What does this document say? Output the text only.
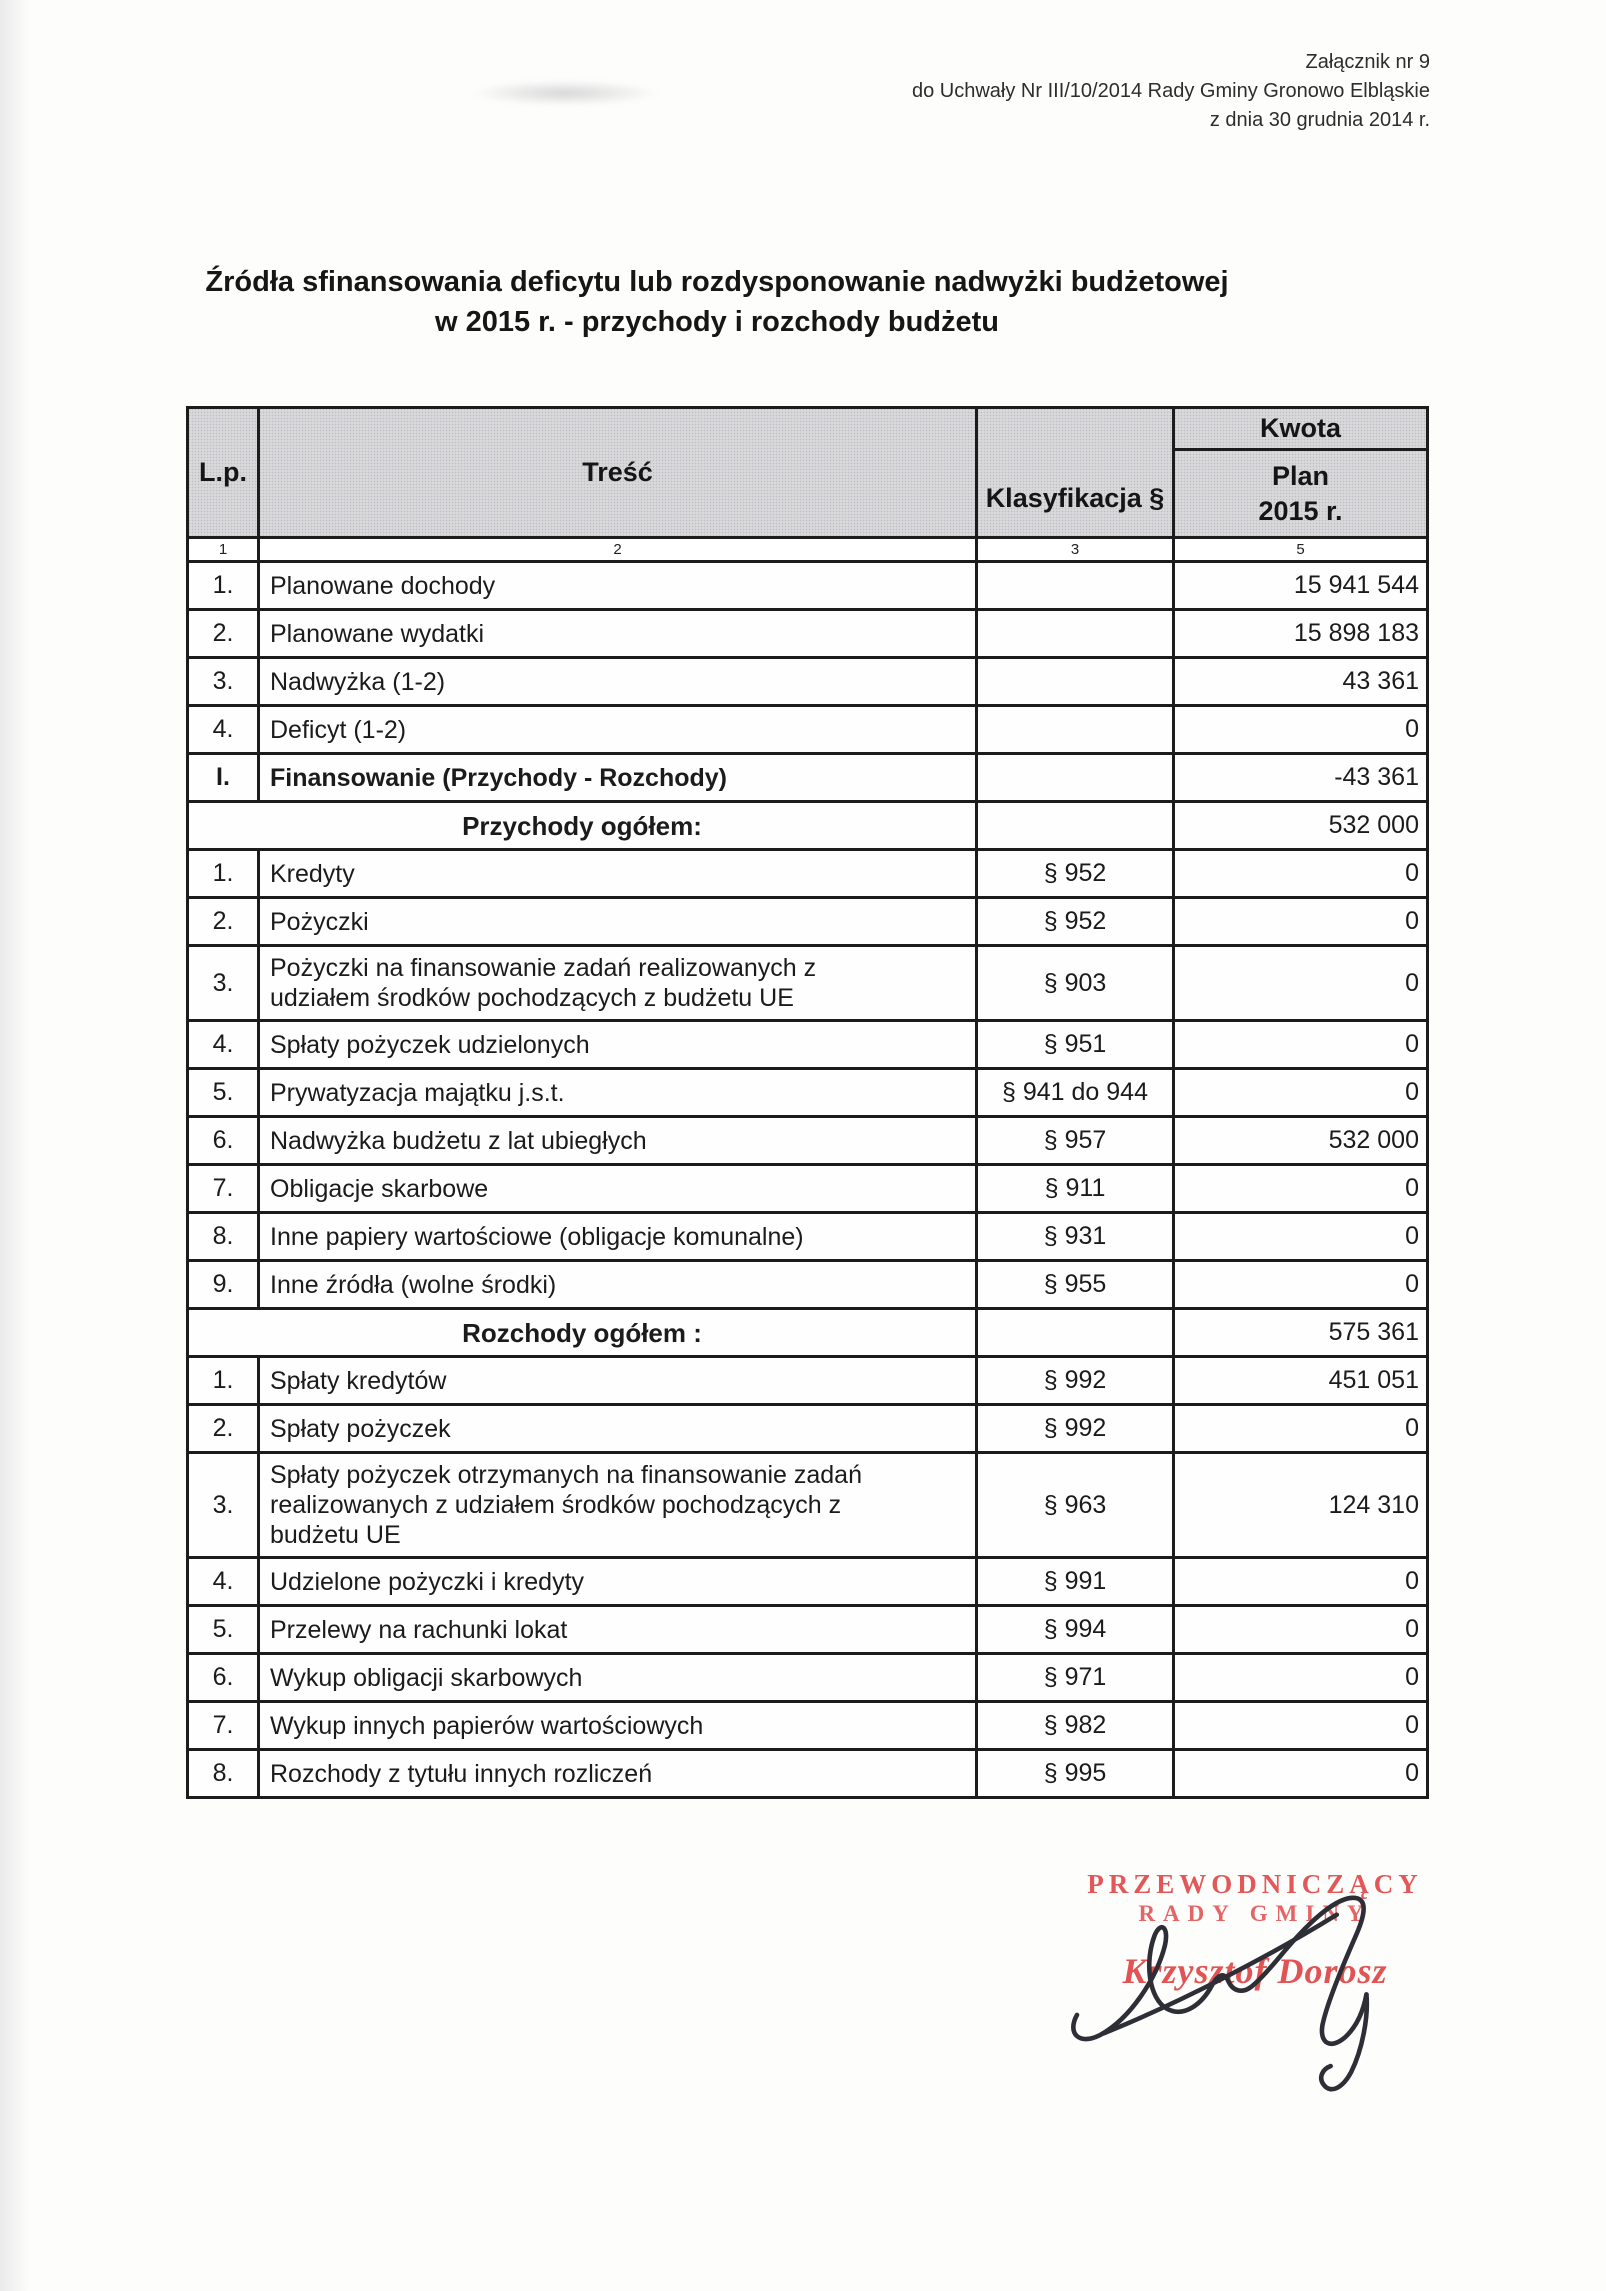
Załącznik nr 9
do Uchwały Nr III/10/2014 Rady Gminy Gronowo Elbląskie
z dnia 30 grudnia 2014 r.
Źródła sfinansowania deficytu lub rozdysponowanie nadwyżki budżetowej
w 2015 r. - przychody i rozchody budżetu
L.p.	Treść	Klasyfikacja §	Kwota
			Plan
2015 r.
1	2	3	5
1.	Planowane dochody		15 941 544
2.	Planowane wydatki		15 898 183
3.	Nadwyżka (1-2)		43 361
4.	Deficyt (1-2)		0
I.	Finansowanie (Przychody - Rozchody)		-43 361
Przychody ogółem:			532 000
1.	Kredyty	§ 952	0
2.	Pożyczki	§ 952	0
3.	Pożyczki na finansowanie zadań realizowanych z udziałem środków pochodzących z budżetu UE	§ 903	0
4.	Spłaty pożyczek udzielonych	§ 951	0
5.	Prywatyzacja majątku j.s.t.	§ 941 do 944	0
6.	Nadwyżka budżetu z lat ubiegłych	§ 957	532 000
7.	Obligacje skarbowe	§ 911	0
8.	Inne papiery wartościowe (obligacje komunalne)	§ 931	0
9.	Inne źródła (wolne środki)	§ 955	0
Rozchody ogółem :			575 361
1.	Spłaty kredytów	§ 992	451 051
2.	Spłaty pożyczek	§ 992	0
3.	Spłaty pożyczek otrzymanych na finansowanie zadań realizowanych z udziałem środków pochodzących z budżetu UE	§ 963	124 310
4.	Udzielone pożyczki i kredyty	§ 991	0
5.	Przelewy na rachunki lokat	§ 994	0
6.	Wykup obligacji skarbowych	§ 971	0
7.	Wykup innych papierów wartościowych	§ 982	0
8.	Rozchody z tytułu innych rozliczeń	§ 995	0
PRZEWODNICZĄCY
RADY GMINY
Krzysztof Dorosz
